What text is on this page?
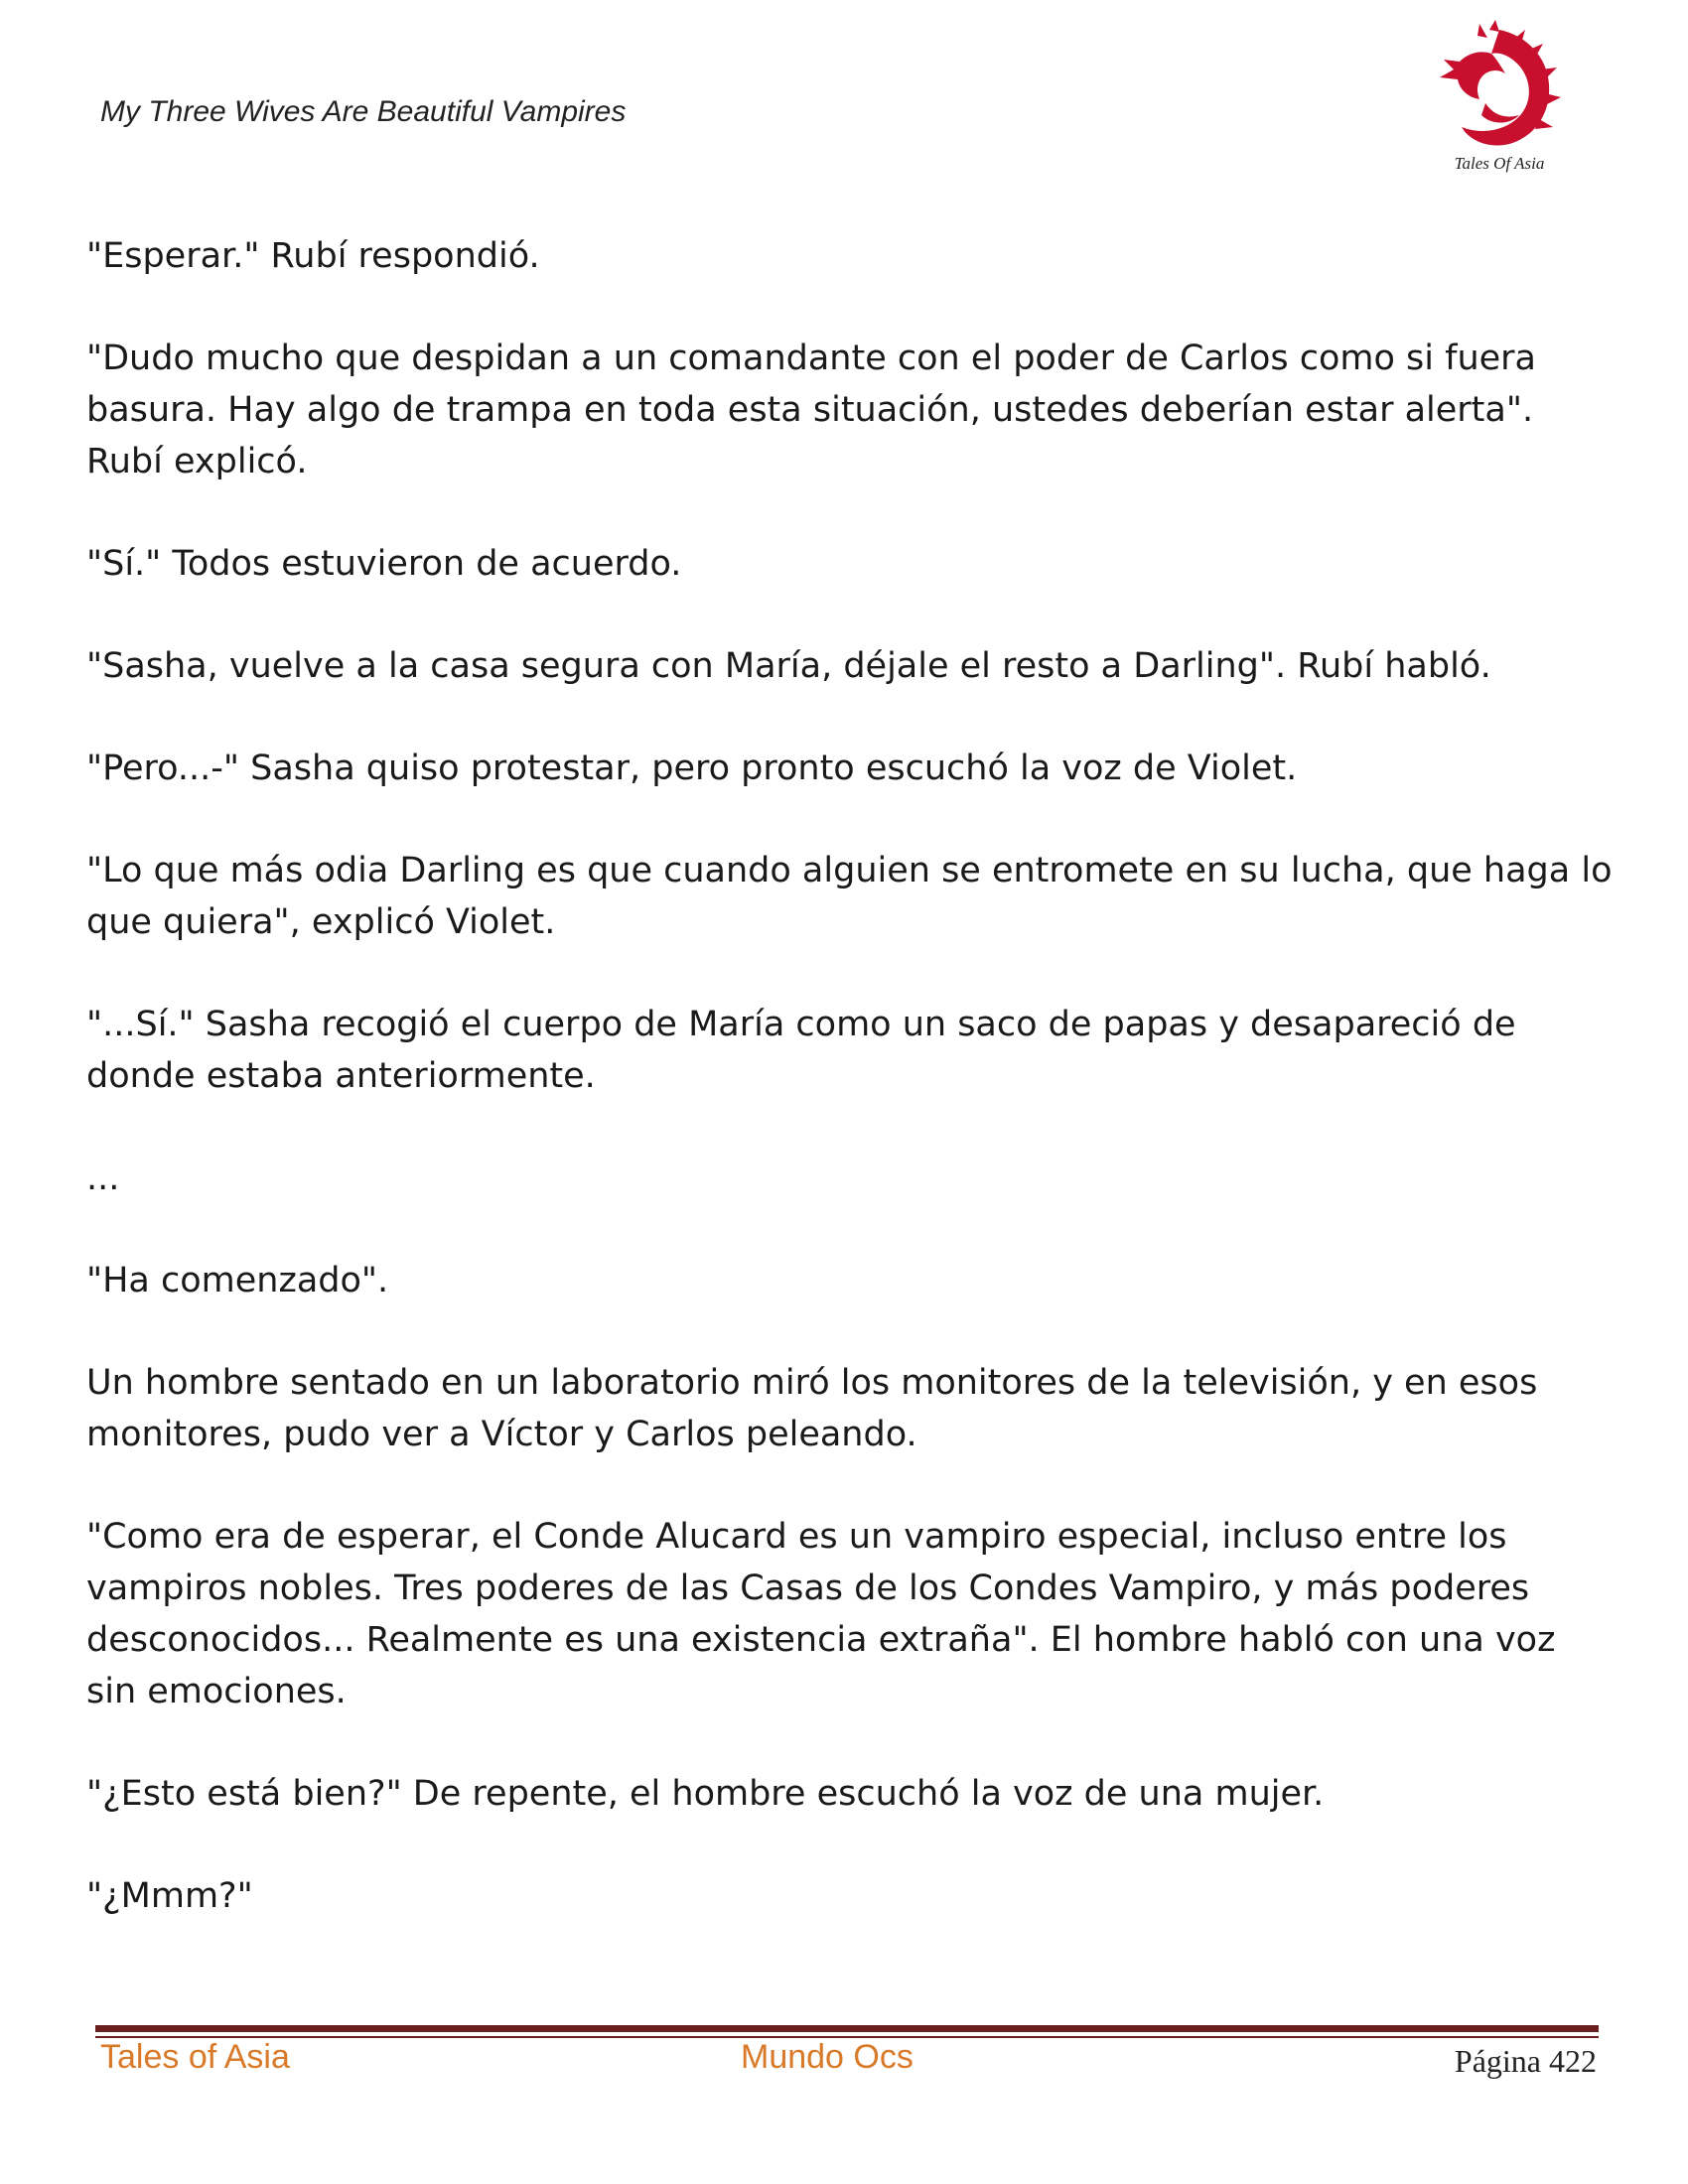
My Three Wives Are Beautiful Vampires
Tales Of Asia

"Esperar." Rubí respondió.

"Dudo mucho que despidan a un comandante con el poder de Carlos como si fuera basura. Hay algo de trampa en toda esta situación, ustedes deberían estar alerta". Rubí explicó.

"Sí." Todos estuvieron de acuerdo.

"Sasha, vuelve a la casa segura con María, déjale el resto a Darling". Rubí habló.

"Pero...-" Sasha quiso protestar, pero pronto escuchó la voz de Violet.

"Lo que más odia Darling es que cuando alguien se entromete en su lucha, que haga lo que quiera", explicó Violet.

"...Sí." Sasha recogió el cuerpo de María como un saco de papas y desapareció de donde estaba anteriormente.

...

"Ha comenzado".

Un hombre sentado en un laboratorio miró los monitores de la televisión, y en esos monitores, pudo ver a Víctor y Carlos peleando.

"Como era de esperar, el Conde Alucard es un vampiro especial, incluso entre los vampiros nobles. Tres poderes de las Casas de los Condes Vampiro, y más poderes desconocidos... Realmente es una existencia extraña". El hombre habló con una voz sin emociones.

"¿Esto está bien?" De repente, el hombre escuchó la voz de una mujer.

"¿Mmm?"

Tales of Asia	Mundo Ocs	Página 422
